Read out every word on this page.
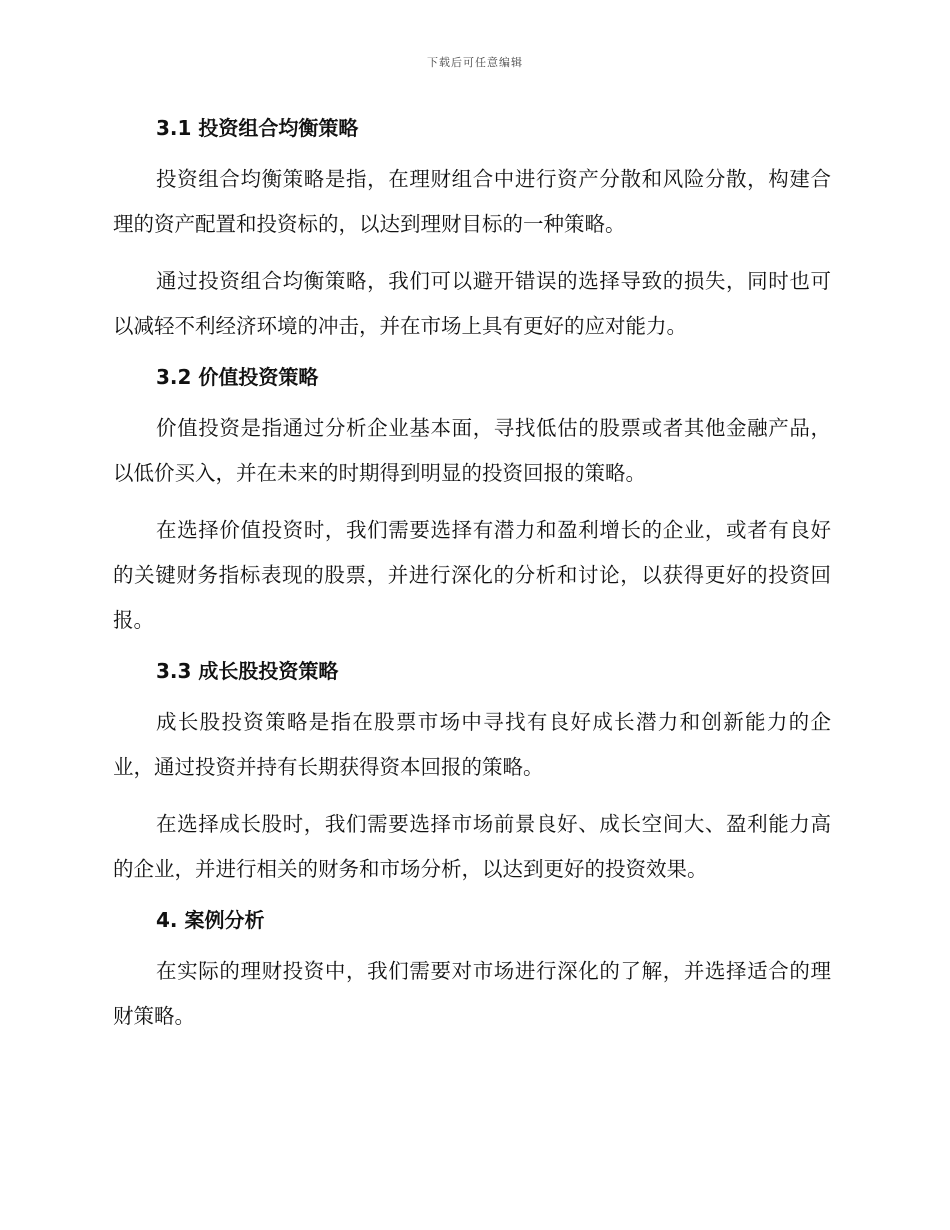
下载后可任意编辑
3.1 投资组合均衡策略

投资组合均衡策略是指，在理财组合中进行资产分散和风险分散，构建合理的资产配置和投资标的，以达到理财目标的一种策略。

通过投资组合均衡策略，我们可以避开错误的选择导致的损失，同时也可以减轻不利经济环境的冲击，并在市场上具有更好的应对能力。

3.2 价值投资策略

价值投资是指通过分析企业基本面，寻找低估的股票或者其他金融产品，以低价买入，并在未来的时期得到明显的投资回报的策略。

在选择价值投资时，我们需要选择有潜力和盈利增长的企业，或者有良好的关键财务指标表现的股票，并进行深化的分析和讨论，以获得更好的投资回报。

3.3 成长股投资策略

成长股投资策略是指在股票市场中寻找有良好成长潜力和创新能力的企业，通过投资并持有长期获得资本回报的策略。

在选择成长股时，我们需要选择市场前景良好、成长空间大、盈利能力高的企业，并进行相关的财务和市场分析，以达到更好的投资效果。

4. 案例分析

在实际的理财投资中，我们需要对市场进行深化的了解，并选择适合的理财策略。
